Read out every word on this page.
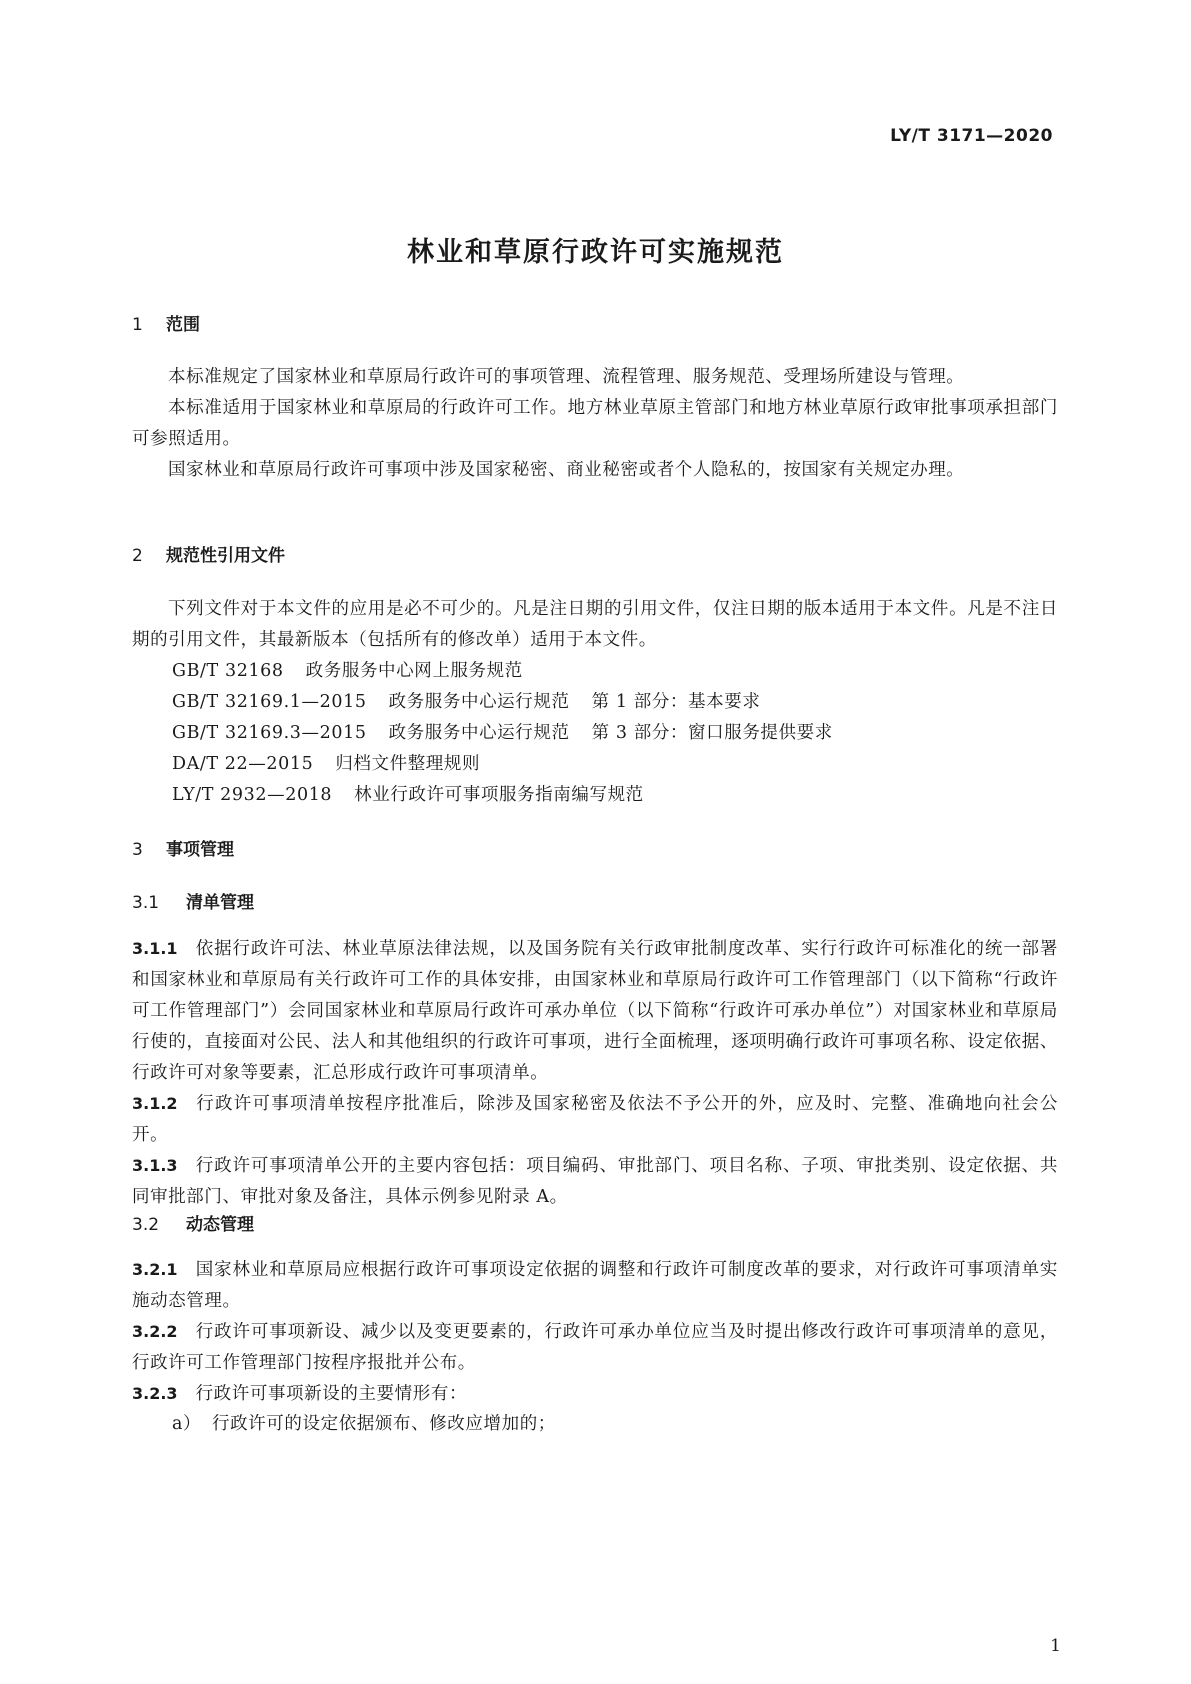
LY/T 3171—2020
林业和草原行政许可实施规范
1 范围
本标准规定了国家林业和草原局行政许可的事项管理、流程管理、服务规范、受理场所建设与管理。
本标准适用于国家林业和草原局的行政许可工作。地方林业草原主管部门和地方林业草原行政审批事项承担部门可参照适用。
国家林业和草原局行政许可事项中涉及国家秘密、商业秘密或者个人隐私的，按国家有关规定办理。
2 规范性引用文件
下列文件对于本文件的应用是必不可少的。凡是注日期的引用文件，仅注日期的版本适用于本文件。凡是不注日期的引用文件，其最新版本（包括所有的修改单）适用于本文件。
GB/T 32168 政务服务中心网上服务规范
GB/T 32169.1—2015 政务服务中心运行规范 第 1 部分：基本要求
GB/T 32169.3—2015 政务服务中心运行规范 第 3 部分：窗口服务提供要求
DA/T 22—2015 归档文件整理规则
LY/T 2932—2018 林业行政许可事项服务指南编写规范
3 事项管理
3.1 清单管理
3.1.1 依据行政许可法、林业草原法律法规，以及国务院有关行政审批制度改革、实行行政许可标准化的统一部署和国家林业和草原局有关行政许可工作的具体安排，由国家林业和草原局行政许可工作管理部门（以下简称“行政许可工作管理部门”）会同国家林业和草原局行政许可承办单位（以下简称“行政许可承办单位”）对国家林业和草原局行使的，直接面对公民、法人和其他组织的行政许可事项，进行全面梳理，逐项明确行政许可事项名称、设定依据、行政许可对象等要素，汇总形成行政许可事项清单。
3.1.2 行政许可事项清单按程序批准后，除涉及国家秘密及依法不予公开的外，应及时、完整、准确地向社会公开。
3.1.3 行政许可事项清单公开的主要内容包括：项目编码、审批部门、项目名称、子项、审批类别、设定依据、共同审批部门、审批对象及备注，具体示例参见附录 A。
3.2 动态管理
3.2.1 国家林业和草原局应根据行政许可事项设定依据的调整和行政许可制度改革的要求，对行政许可事项清单实施动态管理。
3.2.2 行政许可事项新设、减少以及变更要素的，行政许可承办单位应当及时提出修改行政许可事项清单的意见，行政许可工作管理部门按程序报批并公布。
3.2.3 行政许可事项新设的主要情形有：
a） 行政许可的设定依据颁布、修改应增加的；
1
